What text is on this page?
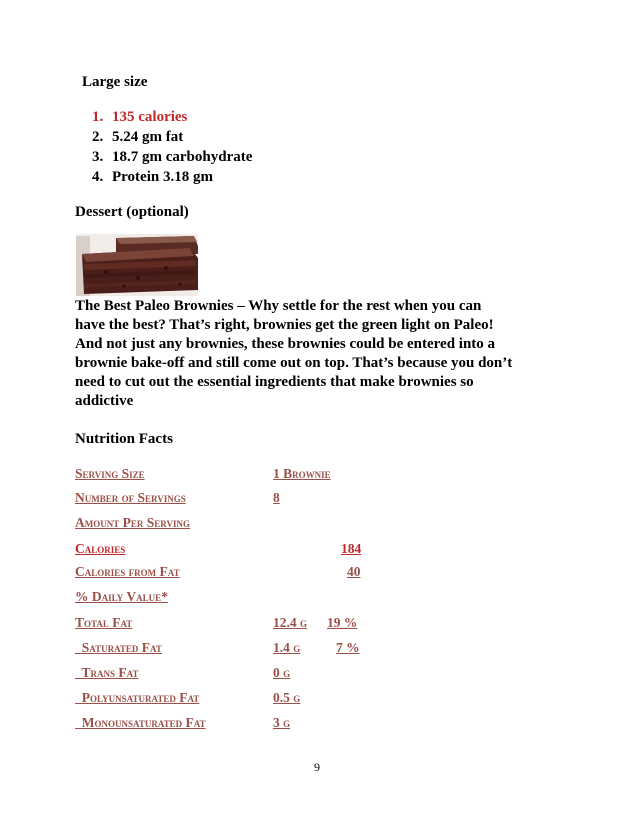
Large size
1. 135 calories
2. 5.24 gm fat
3. 18.7 gm carbohydrate
4. Protein 3.18 gm
Dessert (optional)
The Best Paleo Brownies – Why settle for the rest when you can
have the best? That’s right, brownies get the green light on Paleo!
And not just any brownies, these brownies could be entered into a
brownie bake-off and still come out on top. That’s because you don’t
need to cut out the essential ingredients that make brownies so
addictive
Nutrition Facts
Serving Size	1 Brownie
Number of Servings	8
Amount Per Serving
Calories	184
Calories from Fat	40
% Daily Value*
Total Fat	12.4 g 19 %
Saturated Fat	1.4 g	7 %
Trans Fat	0 g
Polyunsaturated Fat	0.5 g
Monounsaturated Fat	3 g
9
